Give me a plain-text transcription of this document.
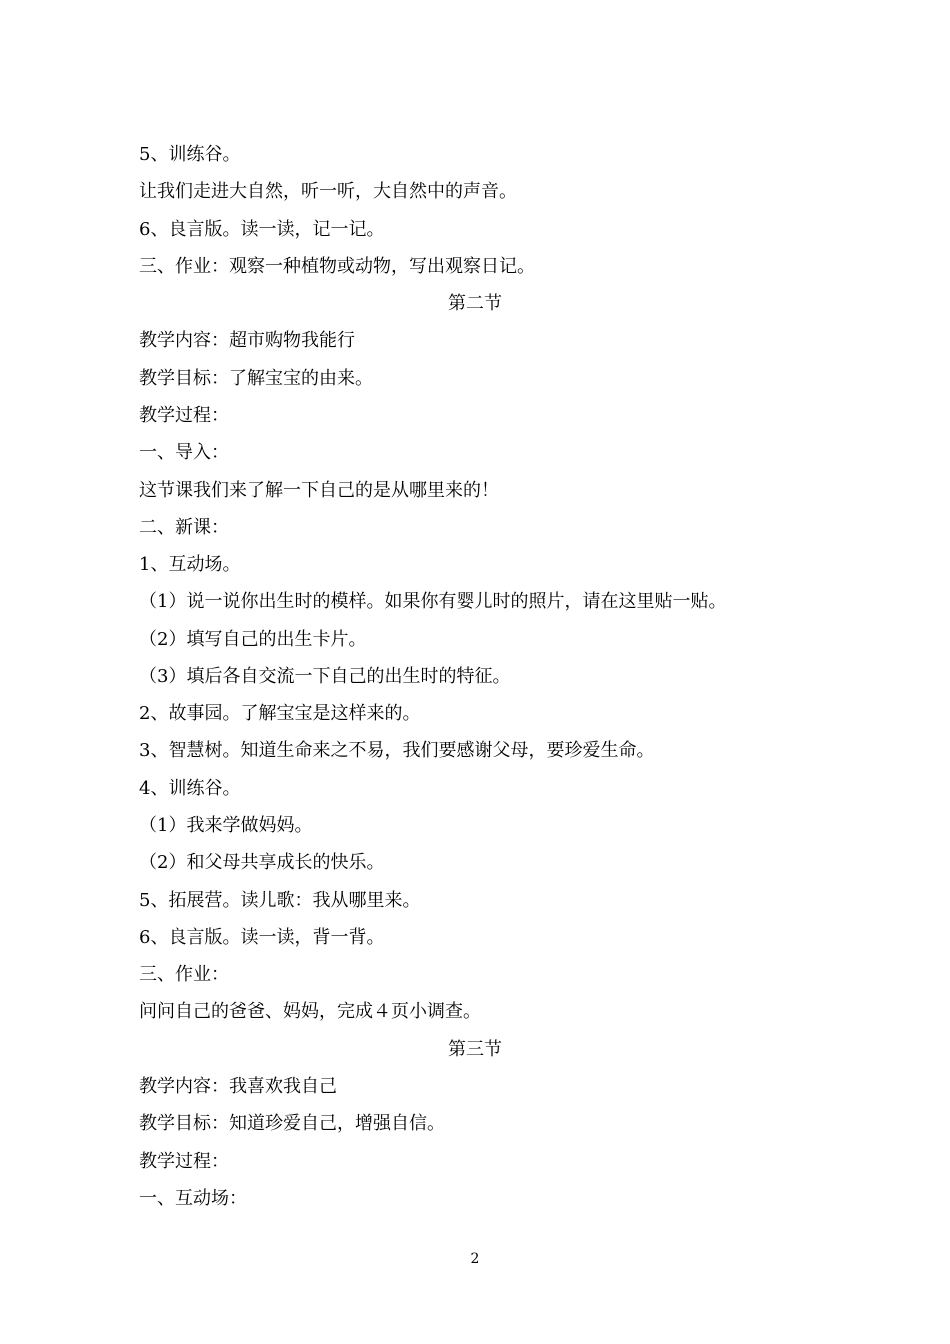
5、训练谷。
让我们走进大自然，听一听，大自然中的声音。
6、良言版。读一读，记一记。
三、作业：观察一种植物或动物，写出观察日记。
第二节
教学内容：超市购物我能行
教学目标：了解宝宝的由来。
教学过程：
一、导入：
这节课我们来了解一下自己的是从哪里来的！
二、新课：
1、互动场。
（1）说一说你出生时的模样。如果你有婴儿时的照片，请在这里贴一贴。
（2）填写自己的出生卡片。
（3）填后各自交流一下自己的出生时的特征。
2、故事园。了解宝宝是这样来的。
3、智慧树。知道生命来之不易，我们要感谢父母，要珍爱生命。
4、训练谷。
（1）我来学做妈妈。
（2）和父母共享成长的快乐。
5、拓展营。读儿歌：我从哪里来。
6、良言版。读一读，背一背。
三、作业：
问问自己的爸爸、妈妈，完成４页小调查。
第三节
教学内容：我喜欢我自己
教学目标：知道珍爱自己，增强自信。
教学过程：
一、互动场：
2
